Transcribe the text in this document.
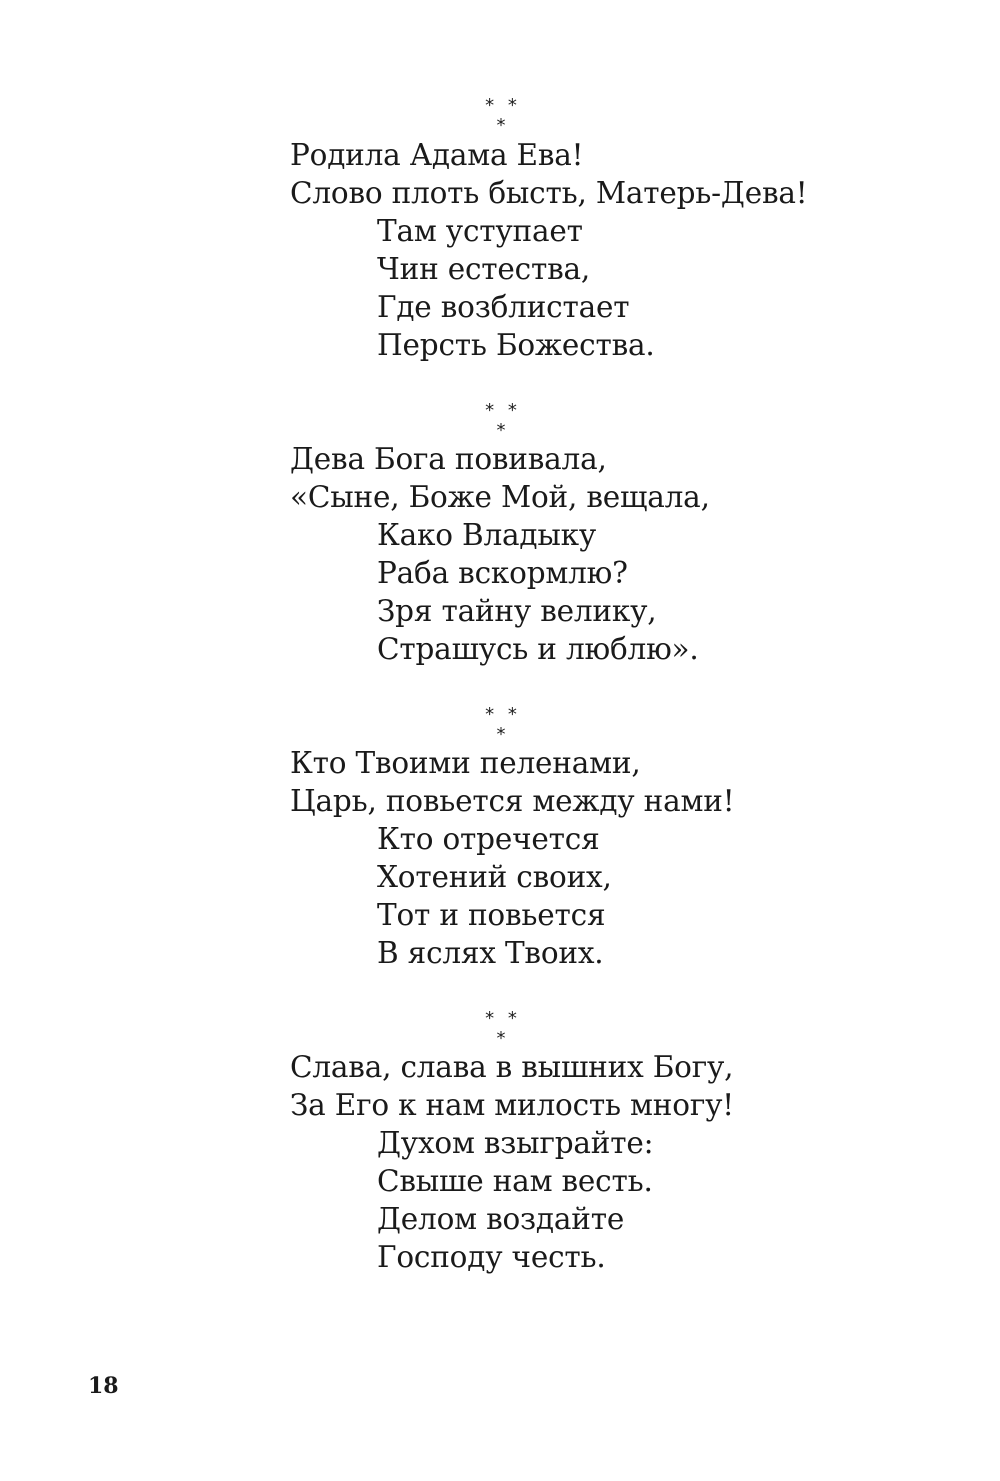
* * *
Родила Адама Ева!
Слово плоть бысть, Матерь-Дева!
Там уступает
Чин естества,
Где возблистает
Персть Божества.
* * *
Дева Бога повивала,
«Сыне, Боже Мой, вещала,
Како Владыку
Раба вскормлю?
Зря тайну велику,
Страшусь и люблю».
* * *
Кто Твоими пеленами,
Царь, повьется между нами!
Кто отречется
Хотений своих,
Тот и повьется
В яслях Твоих.
* * *
Слава, слава в вышних Богу,
За Его к нам милость многу!
Духом взыграйте:
Свыше нам весть.
Делом воздайте
Господу честь.
18
